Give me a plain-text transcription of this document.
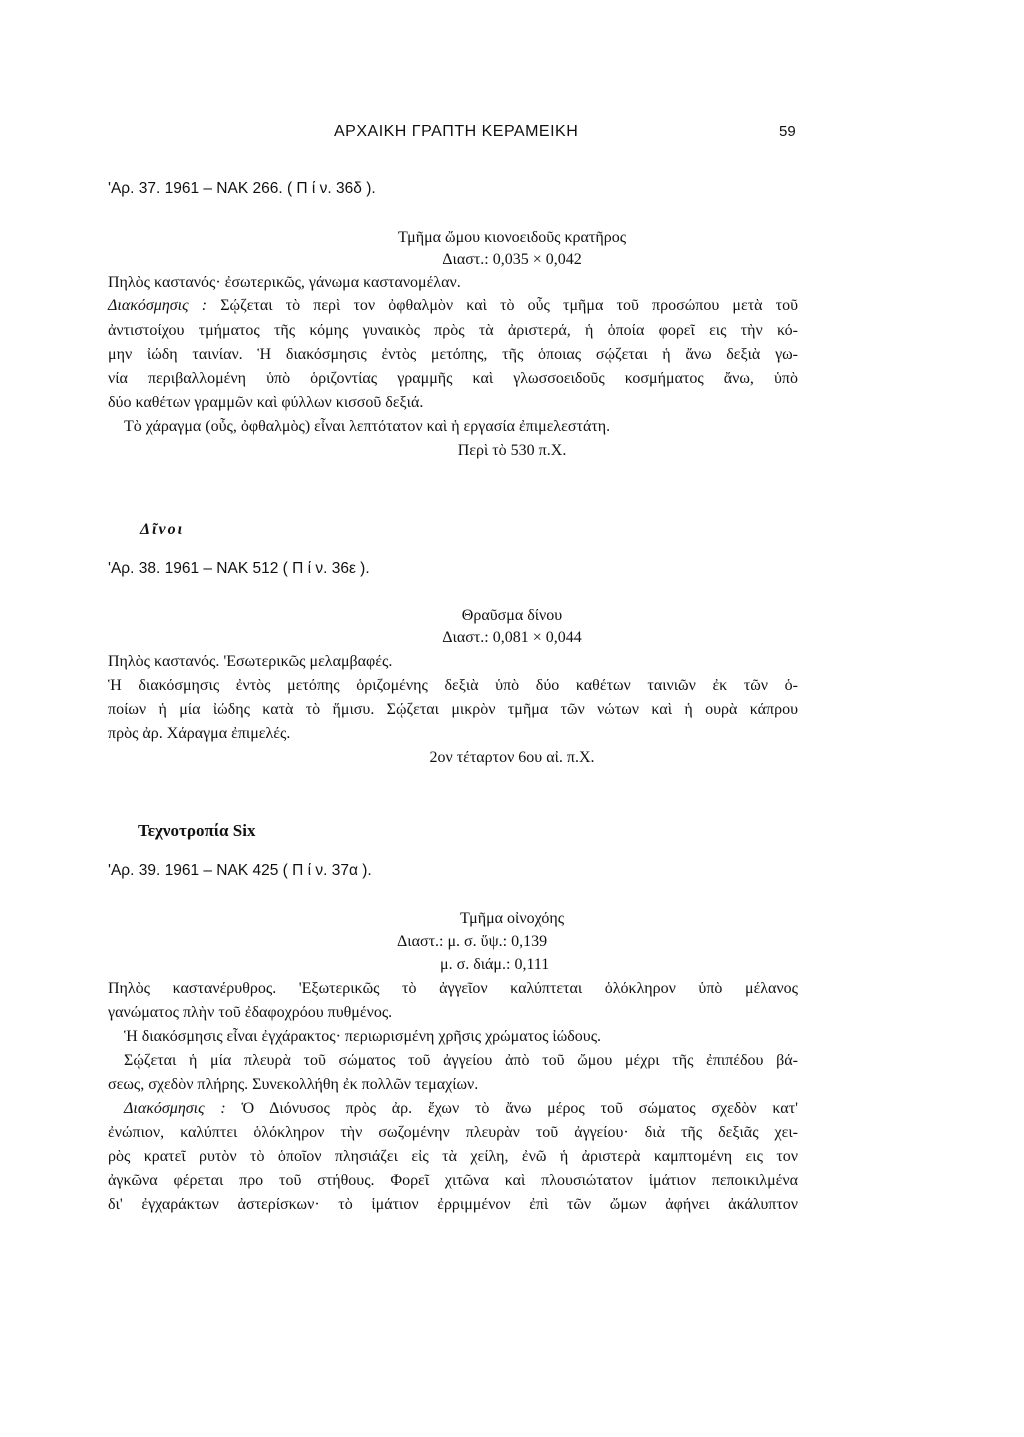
ΑΡΧΑΙΚΗ ΓΡΑΠΤΗ ΚΕΡΑΜΕΙΚΗ	59
'Αρ. 37. 1961 – ΝΑΚ 266. ( Π ί ν. 36δ ).
Τμῆμα ὤμου κιονοειδοῦς κρατῆρος
Διαστ.: 0,035 × 0,042
Πηλὸς καστανός· ἐσωτερικῶς, γάνωμα καστανομέλαν.
Διακόσμησις : Σῴζεται τὸ περὶ τον ὀφθαλμὸν καὶ τὸ οὖς τμῆμα τοῦ προσώπου μετὰ τοῦ
ἀντιστοίχου τμήματος τῆς κόμης γυναικὸς πρὸς τὰ ἀριστερά, ἡ ὁποία φορεῖ εις τὴν κό-
μην ἰώδη ταινίαν. Ἡ διακόσμησις ἐντὸς μετόπης, τῆς ὁποιας σῴζεται ἡ ἄνω δεξιὰ γω-
νία περιβαλλομένη ὑπὸ ὁριζοντίας γραμμῆς καὶ γλωσσοειδοῦς κοσμήματος ἄνω, ὑπὸ
δύο καθέτων γραμμῶν καὶ φύλλων κισσοῦ δεξιά.
Τὸ χάραγμα (οὖς, ὀφθαλμὸς) εἶναι λεπτότατον καὶ ἡ εργασία ἐπιμελεστάτη.
Περὶ τὸ 530 π.Χ.
Δῖνοι
'Αρ. 38. 1961 – ΝΑΚ 512 ( Π ί ν. 36ε ).
Θραῦσμα δίνου
Διαστ.: 0,081 × 0,044
Πηλὸς καστανός. 'Εσωτερικῶς μελαμβαφές.
Ἡ διακόσμησις ἐντὸς μετόπης ὁριζομένης δεξιὰ ὑπὸ δύο καθέτων ταινιῶν ἐκ τῶν ὁ-
ποίων ἡ μία ἰώδης κατὰ τὸ ἥμισυ. Σῴζεται μικρὸν τμῆμα τῶν νώτων καὶ ἡ ουρὰ κάπρου
πρὸς ἀρ. Χάραγμα ἐπιμελές.
2ον τέταρτον 6ου αἰ. π.Χ.
Τεχνοτροπία Six
'Αρ. 39. 1961 – ΝΑΚ 425 ( Π ί ν. 37α ).
Τμῆμα οἰνοχόης
Διαστ.: μ. σ. ὕψ.: 0,139
μ. σ. διάμ.: 0,111
Πηλὸς καστανέρυθρος. 'Εξωτερικῶς τὸ ἀγγεῖον καλύπτεται ὁλόκληρον ὑπὸ μέλανος
γανώματος πλὴν τοῦ ἐδαφοχρόου πυθμένος.
Ἡ διακόσμησις εἶναι ἐγχάρακτος· περιωρισμένη χρῆσις χρώματος ἰώδους.
Σῴζεται ἡ μία πλευρὰ τοῦ σώματος τοῦ ἀγγείου ἀπὸ τοῦ ὤμου μέχρι τῆς ἐπιπέδου βά-
σεως, σχεδὸν πλήρης. Συνεκολλήθη ἐκ πολλῶν τεμαχίων.
Διακόσμησις : Ὁ Διόνυσος πρὸς ἀρ. ἔχων τὸ ἄνω μέρος τοῦ σώματος σχεδὸν κατ'
ἐνώπιον, καλύπτει ὁλόκληρον τὴν σωζομένην πλευρὰν τοῦ ἀγγείου· διὰ τῆς δεξιᾶς χει-
ρὸς κρατεῖ ρυτὸν τὸ ὁποῖον πλησιάζει εἰς τὰ χείλη, ἐνῶ ἡ ἀριστερὰ καμπτομένη εις τον
ἀγκῶνα φέρεται προ τοῦ στήθους. Φορεῖ χιτῶνα καὶ πλουσιώτατον ἱμάτιον πεποικιλμένα
δι' ἐγχαράκτων ἀστερίσκων· τὸ ἱμάτιον ἐρριμμένον ἐπὶ τῶν ὤμων ἀφήνει ἀκάλυπτον
